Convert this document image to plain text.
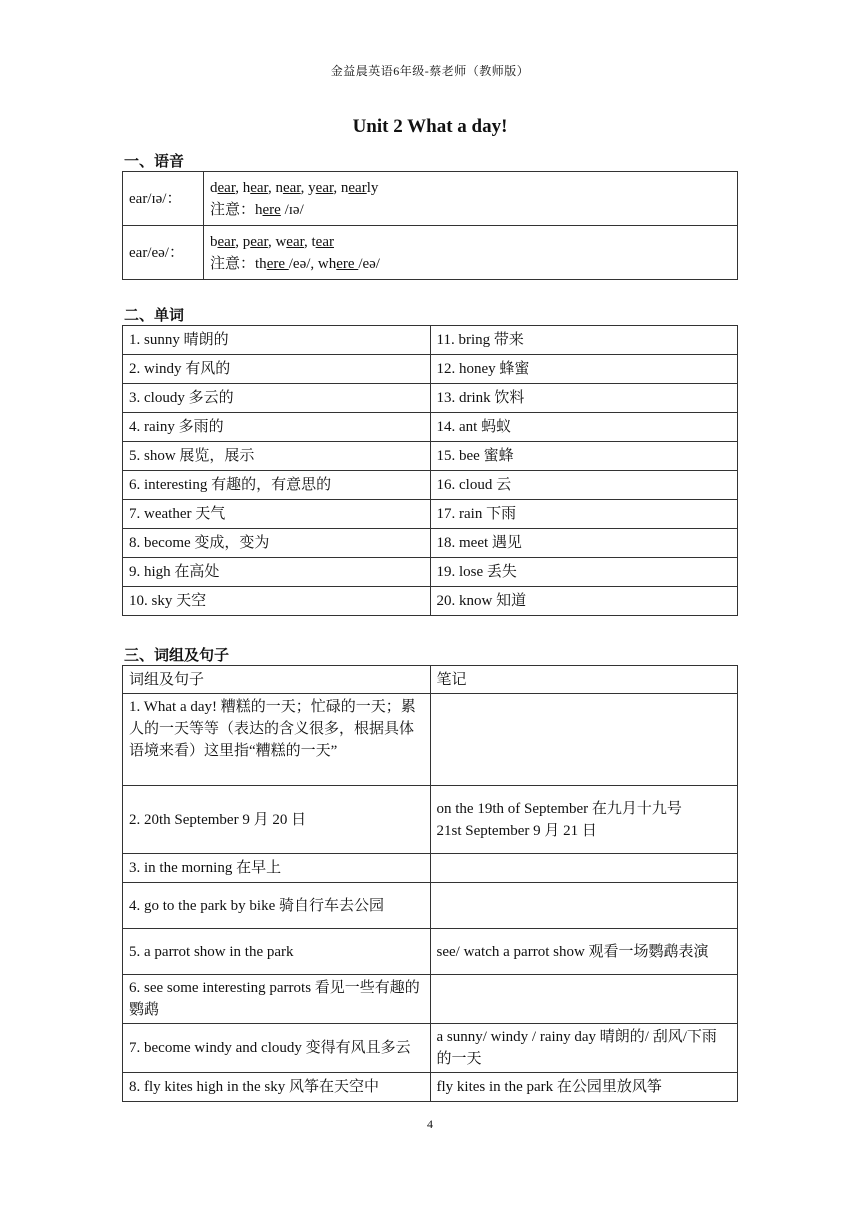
金益晨英语6年级-蔡老师（教师版）
Unit 2 What a day!
一、语音
ear/ɪə/：	dear, hear, near, year, nearly
注意：here /ɪə/

ear/eə/：	bear, pear, wear, tear
注意：there /eə/, where /eə/
二、单词
1. sunny 晴朗的	11. bring 带来
2. windy 有风的	12. honey 蜂蜜
3. cloudy 多云的	13. drink 饮料
4. rainy 多雨的	14. ant 蚂蚁
5. show 展览，展示	15. bee 蜜蜂
6. interesting 有趣的，有意思的	16. cloud 云
7. weather 天气	17. rain 下雨
8. become 变成，变为	18. meet 遇见
9. high 在高处	19. lose 丢失
10. sky 天空	20. know 知道
三、词组及句子
词组及句子	笔记
1. What a day! 糟糕的一天；忙碌的一天；累人的一天等等（表达的含义很多，根据具体语境来看）这里指“糟糕的一天”	
2. 20th September 9 月 20 日	on the 19th of September 在九月十九号
21st September 9 月 21 日
3. in the morning 在早上	
4. go to the park by bike 骑自行车去公园	
5. a parrot show in the park	see/ watch a parrot show 观看一场鹦鹉表演
6. see some interesting parrots 看见一些有趣的鹦鹉	
7. become windy and cloudy 变得有风且多云	a sunny/ windy / rainy day 晴朗的/ 刮风/下雨的一天
8. fly kites high in the sky 风筝在天空中	fly kites in the park 在公园里放风筝
4
